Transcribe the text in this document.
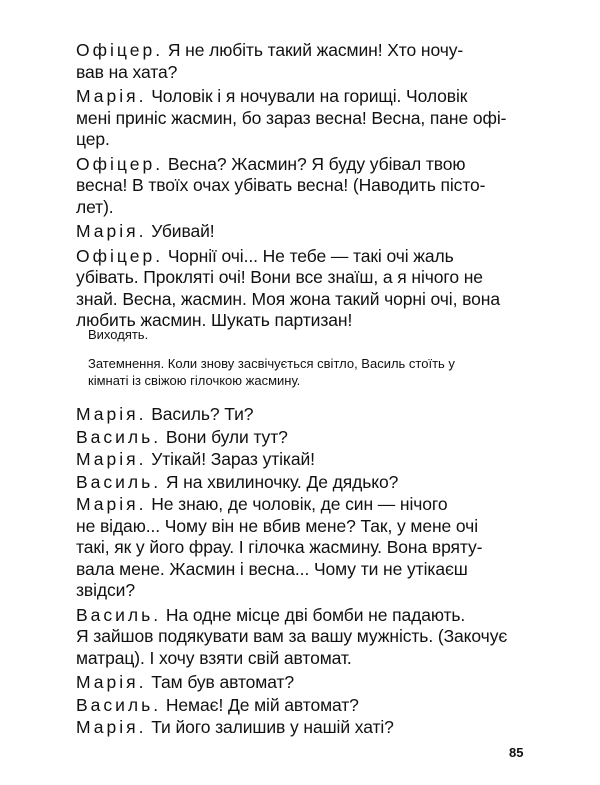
Офіцер. Я не любіть такий жасмин! Хто ночу-
вав на хата?

Марія. Чоловік і я ночували на горищі. Чоловік
мені приніс жасмин, бо зараз весна! Весна, пане офі-
цер.

Офіцер. Весна? Жасмин? Я буду убівал твою
весна! В твоїх очах убівать весна! (Наводить пісто-
лет).

Марія. Убивай!

Офіцер. Чорнії очі... Не тебе — такі очі жаль
убівать. Прокляті очі! Вони все знаїш, а я нічого не
знай. Весна, жасмин. Моя жона такий чорні очі, вона
любить жасмин. Шукать партизан!

Виходять.

Затемнення. Коли знову засвічується світло, Василь стоїть у
кімнаті із свіжою гілочкою жасмину.

Марія. Василь? Ти?

Василь. Вони були тут?

Марія. Утікай! Зараз утікай!

Василь. Я на хвилиночку. Де дядько?

Марія. Не знаю, де чоловік, де син — нічого
не відаю... Чому він не вбив мене? Так, у мене очі
такі, як у його фрау. І гілочка жасмину. Вона вряту-
вала мене. Жасмин і весна... Чому ти не утікаєш
звідси?

Василь. На одне місце дві бомби не падають.
Я зайшов подякувати вам за вашу мужність. (Закочує
матрац). І хочу взяти свій автомат.

Марія. Там був автомат?

Василь. Немає! Де мій автомат?

Марія. Ти його залишив у нашій хаті?

85
